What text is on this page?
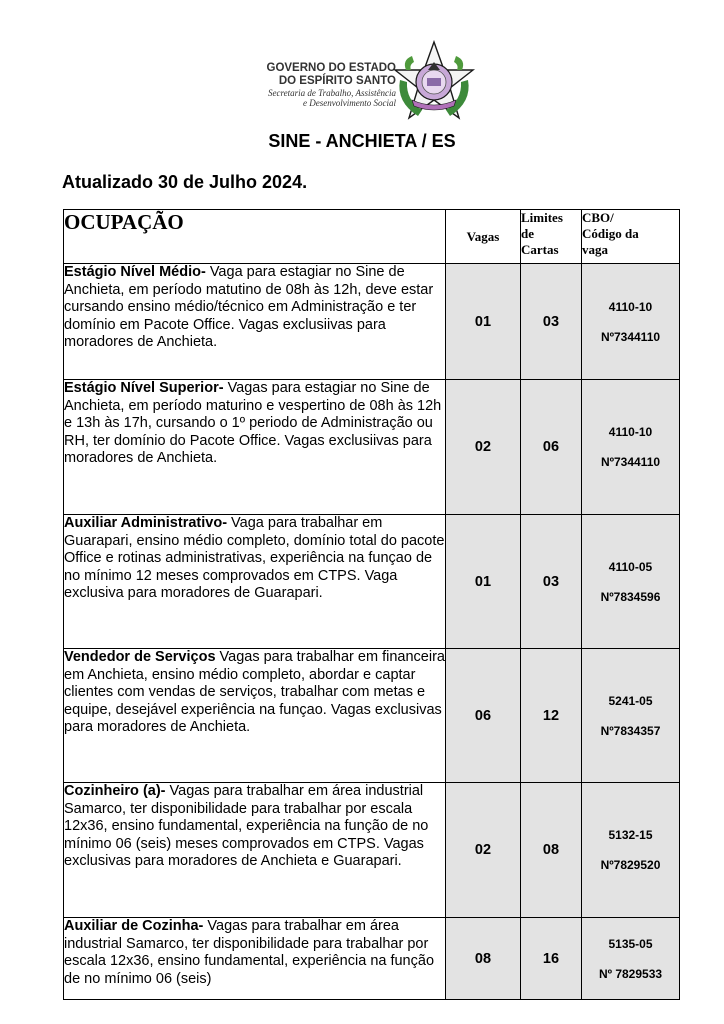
GOVERNO DO ESTADO
DO ESPÍRITO SANTO
Secretaria de Trabalho, Assistência
e Desenvolvimento Social
SINE - ANCHIETA / ES
Atualizado 30 de Julho 2024.
OCUPAÇÃO	Vagas	Limites
de
Cartas	CBO/
Código da
vaga
Estágio Nível Médio- Vaga para estagiar no Sine de Anchieta, em período matutino de 08h às 12h, deve estar cursando ensino médio/técnico em Administração e ter domínio em Pacote Office. Vagas exclusiivas para moradores de Anchieta.	01	03	4110-10
Nº7344110

Estágio Nível Superior- Vagas para estagiar no Sine de Anchieta, em período maturino e vespertino de 08h às 12h e 13h às 17h, cursando o 1º periodo de Administração ou RH, ter domínio do Pacote Office. Vagas exclusiivas para moradores de Anchieta.	02	06	4110-10
Nº7344110

Auxiliar Administrativo- Vaga para trabalhar em Guarapari, ensino médio completo, domínio total do pacote Office e rotinas administrativas, experiência na funçao de no mínimo 12 meses comprovados em CTPS. Vaga exclusiva para moradores de Guarapari.	01	03	4110-05
Nº7834596

Vendedor de Serviços Vagas para trabalhar em financeira em Anchieta, ensino médio completo, abordar e captar clientes com vendas de serviços, trabalhar com metas e equipe, desejável experiência na funçao. Vagas exclusivas para moradores de Anchieta.	06	12	5241-05
Nº7834357

Cozinheiro (a)- Vagas para trabalhar em área industrial Samarco, ter disponibilidade para trabalhar por escala 12x36, ensino fundamental, experiência na função de no mínimo 06 (seis) meses comprovados em CTPS. Vagas exclusivas para moradores de Anchieta e Guarapari.	02	08	5132-15
Nº7829520

Auxiliar de Cozinha- Vagas para trabalhar em área industrial Samarco, ter disponibilidade para trabalhar por escala 12x36, ensino fundamental, experiência na função de no mínimo 06 (seis)	08	16	5135-05
Nº 7829533
